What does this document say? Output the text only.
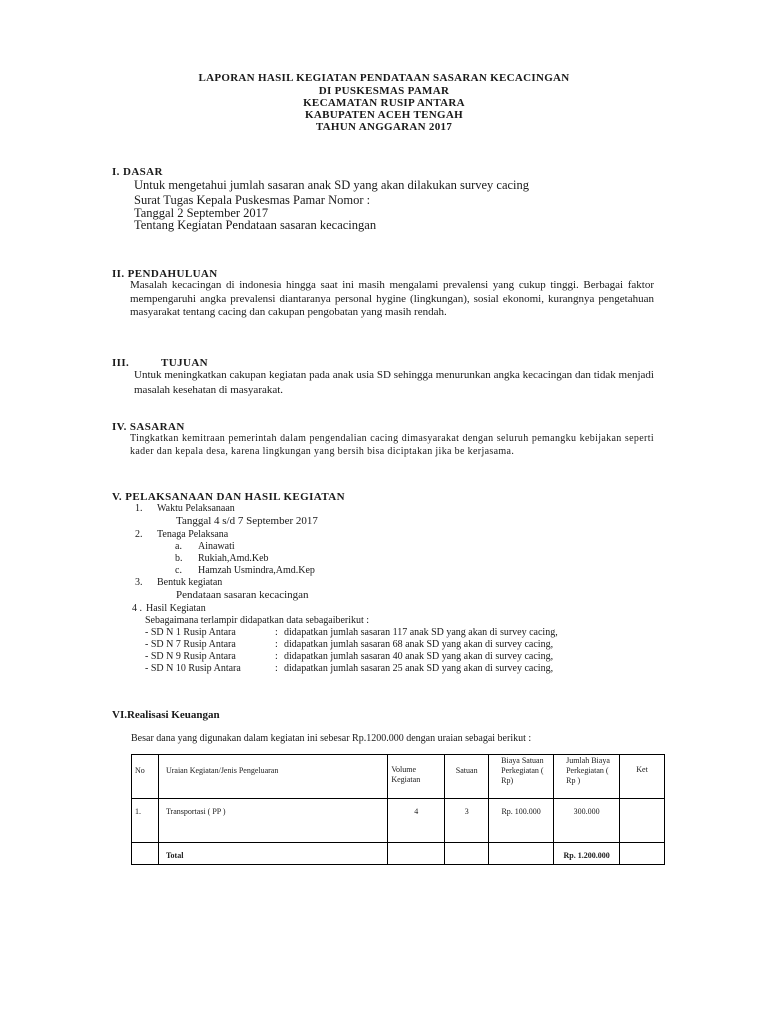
LAPORAN HASIL KEGIATAN PENDATAAN SASARAN KECACINGAN
DI PUSKESMAS PAMAR
KECAMATAN RUSIP ANTARA
KABUPATEN ACEH TENGAH
TAHUN ANGGARAN 2017
I. DASAR
Untuk mengetahui jumlah sasaran anak SD yang akan dilakukan survey cacing
Surat Tugas Kepala Puskesmas Pamar Nomor :
Tanggal 2 September 2017
Tentang Kegiatan Pendataan sasaran kecacingan
II. PENDAHULUAN
Masalah kecacingan di indonesia hingga saat ini masih mengalami prevalensi yang cukup tinggi. Berbagai faktor mempengaruhi angka prevalensi diantaranya personal hygine (lingkungan), sosial ekonomi, kurangnya pengetahuan masyarakat tentang cacing dan cakupan pengobatan yang masih rendah.
III.	TUJUAN
Untuk meningkatkan cakupan kegiatan pada anak usia SD sehingga menurunkan angka kecacingan dan tidak menjadi masalah kesehatan di masyarakat.
IV. SASARAN
Tingkatkan kemitraan pemerintah dalam pengendalian cacing dimasyarakat dengan seluruh pemangku kebijakan seperti kader dan kepala desa, karena lingkungan yang bersih bisa diciptakan jika be kerjasama.
V. PELAKSANAAN DAN HASIL KEGIATAN
1. Waktu Pelaksanaan
Tanggal 4 s/d 7 September 2017
2. Tenaga Pelaksana
a. Ainawati
b. Rukiah,Amd.Keb
c. Hamzah Usmindra,Amd.Kep
3. Bentuk kegiatan
Pendataan sasaran kecacingan
4 . Hasil Kegiatan
Sebagaimana terlampir didapatkan data sebagaiberikut :
- SD N 1 Rusip Antara	: didapatkan jumlah sasaran 117 anak SD yang akan di survey cacing,
- SD N 7 Rusip Antara	: didapatkan jumlah sasaran 68 anak SD yang akan di survey cacing,
- SD N 9 Rusip Antara	: didapatkan jumlah sasaran 40 anak SD yang akan di survey cacing,
- SD N 10 Rusip Antara	: didapatkan jumlah sasaran 25 anak SD yang akan di survey cacing,
VI.Realisasi Keuangan
Besar dana yang digunakan dalam kegiatan ini sebesar Rp.1200.000 dengan uraian sebagai berikut :
No	Uraian Kegiatan/Jenis Pengeluaran	Volume Kegiatan	Satuan	Biaya Satuan Perkegiatan ( Rp)	Jumlah Biaya Perkegiatan ( Rp )	Ket

1.	Transportasi ( PP )	4	3	Rp. 100.000	300.000	

	Total				Rp. 1.200.000	
